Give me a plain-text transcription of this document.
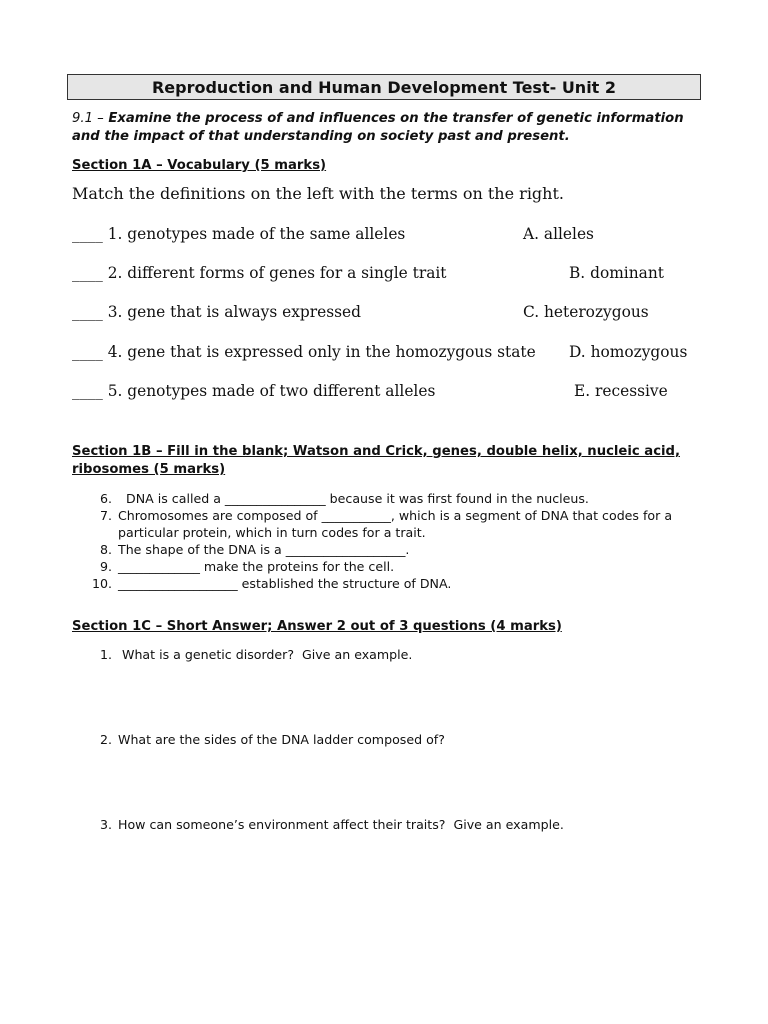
Reproduction and Human Development Test- Unit 2
9.1 – Examine the process of and influences on the transfer of genetic information and the impact of that understanding on society past and present.
Section 1A – Vocabulary (5 marks)
Match the definitions on the left with the terms on the right.
____ 1. genotypes made of the same alleles	A. alleles
____ 2. different forms of genes for a single trait	B. dominant
____ 3. gene that is always expressed	C. heterozygous
____ 4. gene that is expressed only in the homozygous state D. homozygous
____ 5. genotypes made of two different alleles	E. recessive
Section 1B – Fill in the blank; Watson and Crick, genes, double helix, nucleic acid, ribosomes (5 marks)
6. DNA is called a ________________ because it was first found in the nucleus.
7. Chromosomes are composed of ___________, which is a segment of DNA that codes for a particular protein, which in turn codes for a trait.
8. The shape of the DNA is a ___________________.
9. _____________ make the proteins for the cell.
10. ___________________ established the structure of DNA.
Section 1C – Short Answer; Answer 2 out of 3 questions (4 marks)
1. What is a genetic disorder?  Give an example.
2. What are the sides of the DNA ladder composed of?
3. How can someone’s environment affect their traits?  Give an example.
